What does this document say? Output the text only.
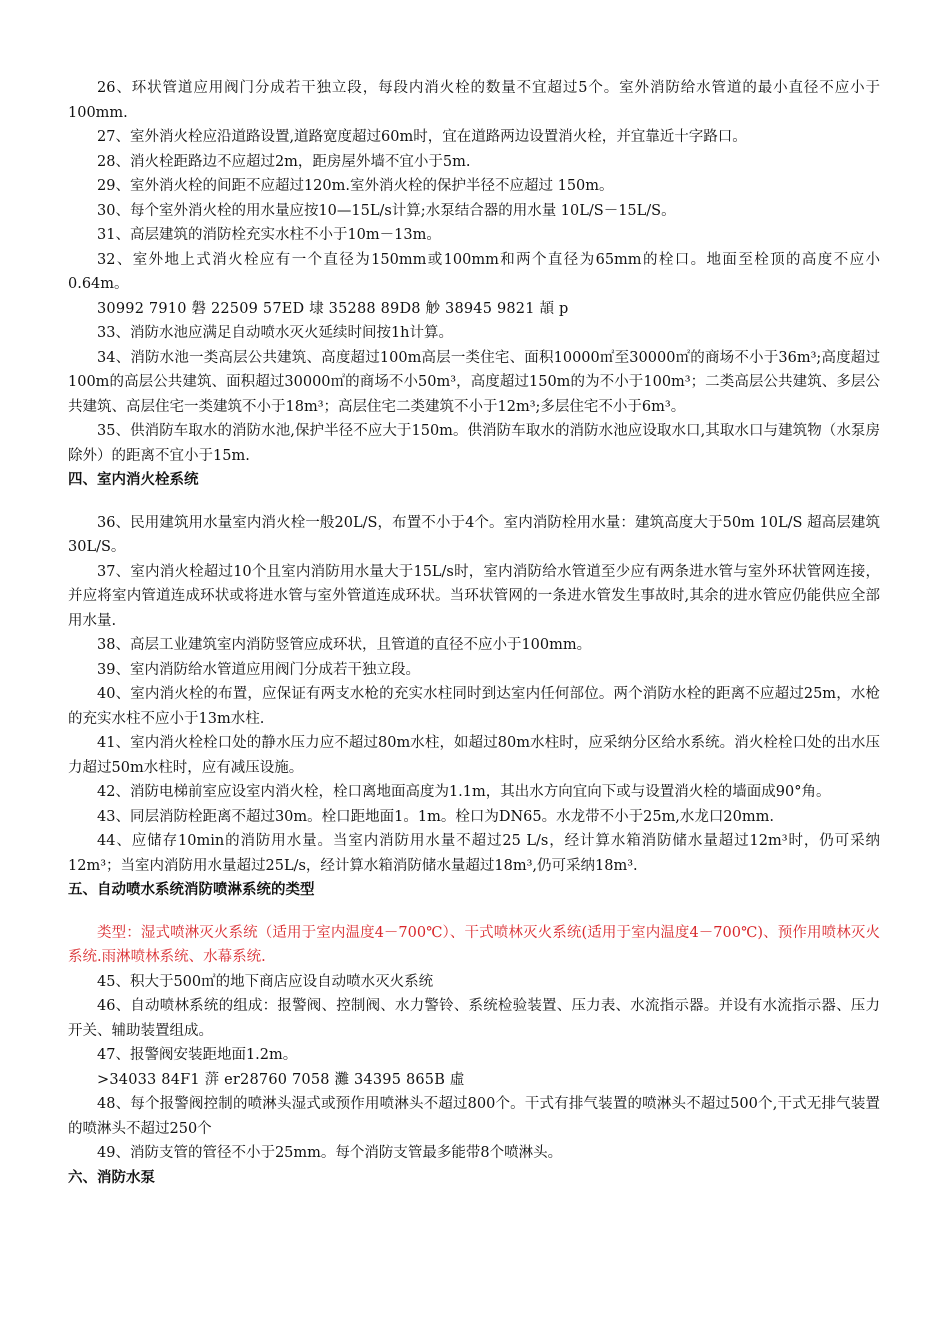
26、环状管道应用阀门分成若干独立段，每段内消火栓的数量不宜超过5个。室外消防给水管道的最小直径不应小于100mm.

27、室外消火栓应沿道路设置,道路宽度超过60m时，宜在道路两边设置消火栓，并宜靠近十字路口。

28、消火栓距路边不应超过2m，距房屋外墙不宜小于5m.

29、室外消火栓的间距不应超过120m.室外消火栓的保护半径不应超过 150m。

30、每个室外消火栓的用水量应按10—15L/s计算;水泵结合器的用水量 10L/S－15L/S。

31、高层建筑的消防栓充实水柱不小于10m－13m。

32、室外地上式消火栓应有一个直径为150mm或100mm和两个直径为65mm的栓口。地面至栓顶的高度不应小0.64m。

30992 7910 磐 22509 57ED 埭 35288 89D8 觘 38945 9821 頡 p

33、消防水池应满足自动喷水灭火延续时间按1h计算。

34、消防水池一类高层公共建筑、高度超过100m高层一类住宅、面积10000㎡至30000㎡的商场不小于36m³;高度超过100m的高层公共建筑、面积超过30000㎡的商场不小50m³，高度超过150m的为不小于100m³；二类高层公共建筑、多层公共建筑、高层住宅一类建筑不小于18m³；高层住宅二类建筑不小于12m³;多层住宅不小于6m³。

35、供消防车取水的消防水池,保护半径不应大于150m。供消防车取水的消防水池应设取水口,其取水口与建筑物（水泵房除外）的距离不宜小于15m.

四、室内消火栓系统

36、民用建筑用水量室内消火栓一般20L/S，布置不小于4个。室内消防栓用水量：建筑高度大于50m 10L/S 超高层建筑 30L/S。

37、室内消火栓超过10个且室内消防用水量大于15L/s时，室内消防给水管道至少应有两条进水管与室外环状管网连接，并应将室内管道连成环状或将进水管与室外管道连成环状。当环状管网的一条进水管发生事故时,其余的进水管应仍能供应全部用水量.

38、高层工业建筑室内消防竖管应成环状，且管道的直径不应小于100mm。

39、室内消防给水管道应用阀门分成若干独立段。

40、室内消火栓的布置，应保证有两支水枪的充实水柱同时到达室内任何部位。两个消防水栓的距离不应超过25m，水枪的充实水柱不应小于13m水柱.

41、室内消火栓栓口处的静水压力应不超过80m水柱，如超过80m水柱时，应采纳分区给水系统。消火栓栓口处的出水压力超过50m水柱时，应有减压设施。

42、消防电梯前室应设室内消火栓，栓口离地面高度为1.1m，其出水方向宜向下或与设置消火栓的墙面成90°角。

43、同层消防栓距离不超过30m。栓口距地面1。1m。栓口为DN65。水龙带不小于25m,水龙口20mm.

44、应储存10min的消防用水量。当室内消防用水量不超过25 L/s，经计算水箱消防储水量超过12m³时，仍可采纳12m³；当室内消防用水量超过25L/s，经计算水箱消防储水量超过18m³,仍可采纳18m³.

五、自动喷水系统消防喷淋系统的类型

类型：湿式喷淋灭火系统（适用于室内温度4－700℃）、干式喷林灭火系统(适用于室内温度4－700℃)、预作用喷林灭火系统.雨淋喷林系统、水幕系统.

45、积大于500㎡的地下商店应设自动喷水灭火系统

46、自动喷林系统的组成：报警阀、控制阀、水力警铃、系统检验装置、压力表、水流指示器。并设有水流指示器、压力开关、辅助装置组成。

47、报警阀安装距地面1.2m。

>34033 84F1 蓱 er28760 7058 灘 34395 865B 虛

48、每个报警阀控制的喷淋头湿式或预作用喷淋头不超过800个。干式有排气装置的喷淋头不超过500个,干式无排气装置的喷淋头不超过250个

49、消防支管的管径不小于25mm。每个消防支管最多能带8个喷淋头。

六、消防水泵
